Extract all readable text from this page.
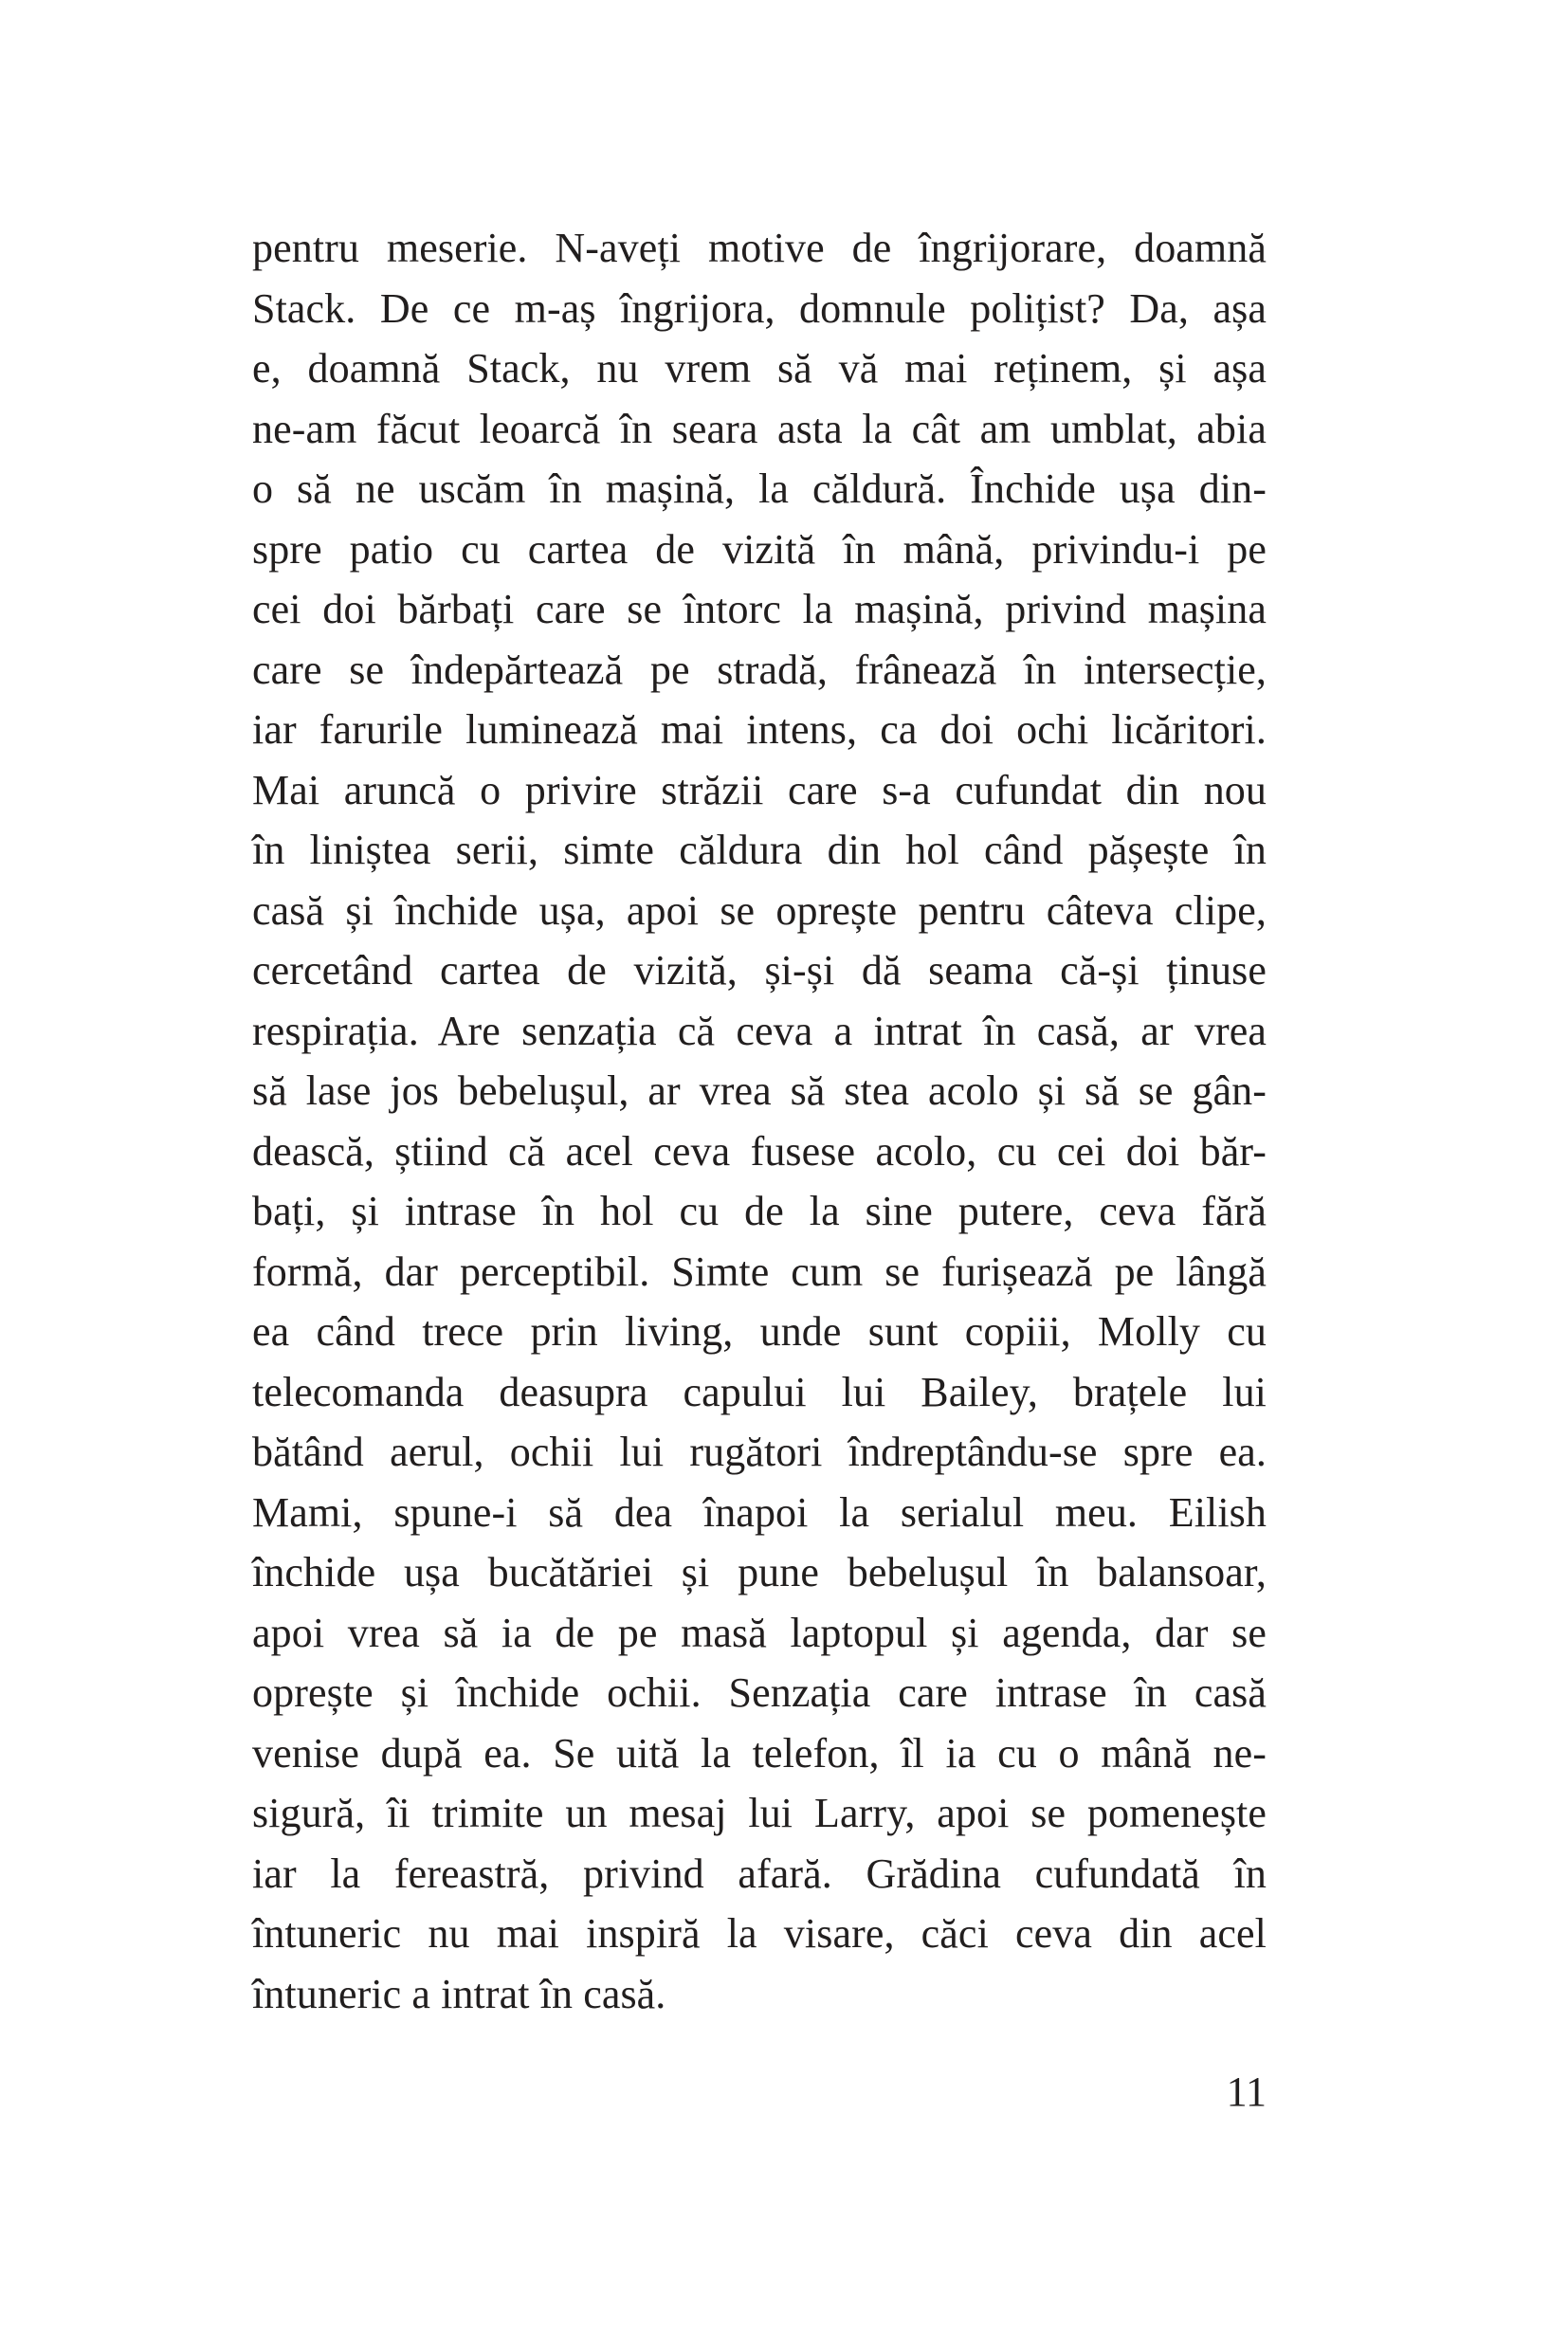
pentru meserie. N-aveți motive de îngrijorare, doamnă
Stack. De ce m-aș îngrijora, domnule polițist? Da, așa
e, doamnă Stack, nu vrem să vă mai reținem, și așa
ne-am făcut leoarcă în seara asta la cât am umblat, abia
o să ne uscăm în mașină, la căldură. Închide ușa din-
spre patio cu cartea de vizită în mână, privindu-i pe
cei doi bărbați care se întorc la mașină, privind mașina
care se îndepărtează pe stradă, frânează în intersecție,
iar farurile luminează mai intens, ca doi ochi licăritori.
Mai aruncă o privire străzii care s-a cufundat din nou
în liniștea serii, simte căldura din hol când pășește în
casă și închide ușa, apoi se oprește pentru câteva clipe,
cercetând cartea de vizită, și-și dă seama că-și ținuse
respirația. Are senzația că ceva a intrat în casă, ar vrea
să lase jos bebelușul, ar vrea să stea acolo și să se gân-
dească, știind că acel ceva fusese acolo, cu cei doi băr-
bați, și intrase în hol cu de la sine putere, ceva fără
formă, dar perceptibil. Simte cum se furișează pe lângă
ea când trece prin living, unde sunt copiii, Molly cu
telecomanda deasupra capului lui Bailey, brațele lui
bătând aerul, ochii lui rugători îndreptându-se spre ea.
Mami, spune-i să dea înapoi la serialul meu. Eilish
închide ușa bucătăriei și pune bebelușul în balansoar,
apoi vrea să ia de pe masă laptopul și agenda, dar se
oprește și închide ochii. Senzația care intrase în casă
venise după ea. Se uită la telefon, îl ia cu o mână ne-
sigură, îi trimite un mesaj lui Larry, apoi se pomenește
iar la fereastră, privind afară. Grădina cufundată în
întuneric nu mai inspiră la visare, căci ceva din acel
întuneric a intrat în casă.
11
